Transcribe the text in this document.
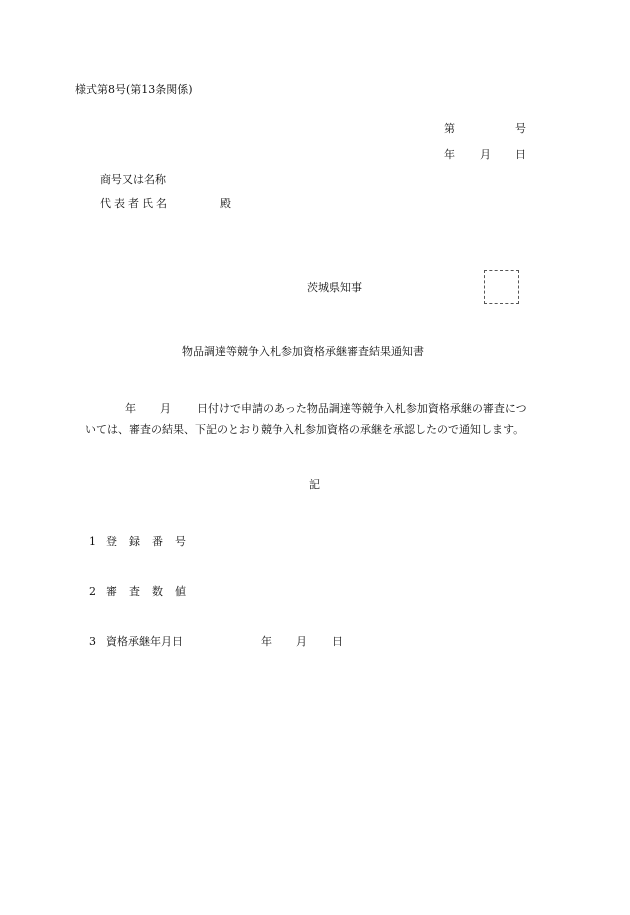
様式第8号(第13条関係)
第	号
年 月 日
商号又は名称
代表者氏名	殿
茨城県知事
物品調達等競争入札参加資格承継審査結果通知書
年 月 日付けで申請のあった物品調達等競争入札参加資格承継の審査につ
いては、審査の結果、下記のとおり競争入札参加資格の承継を承認したので通知します。
記
1 登録番号
2 審査数値
3 資格承継年月日	年 月 日
